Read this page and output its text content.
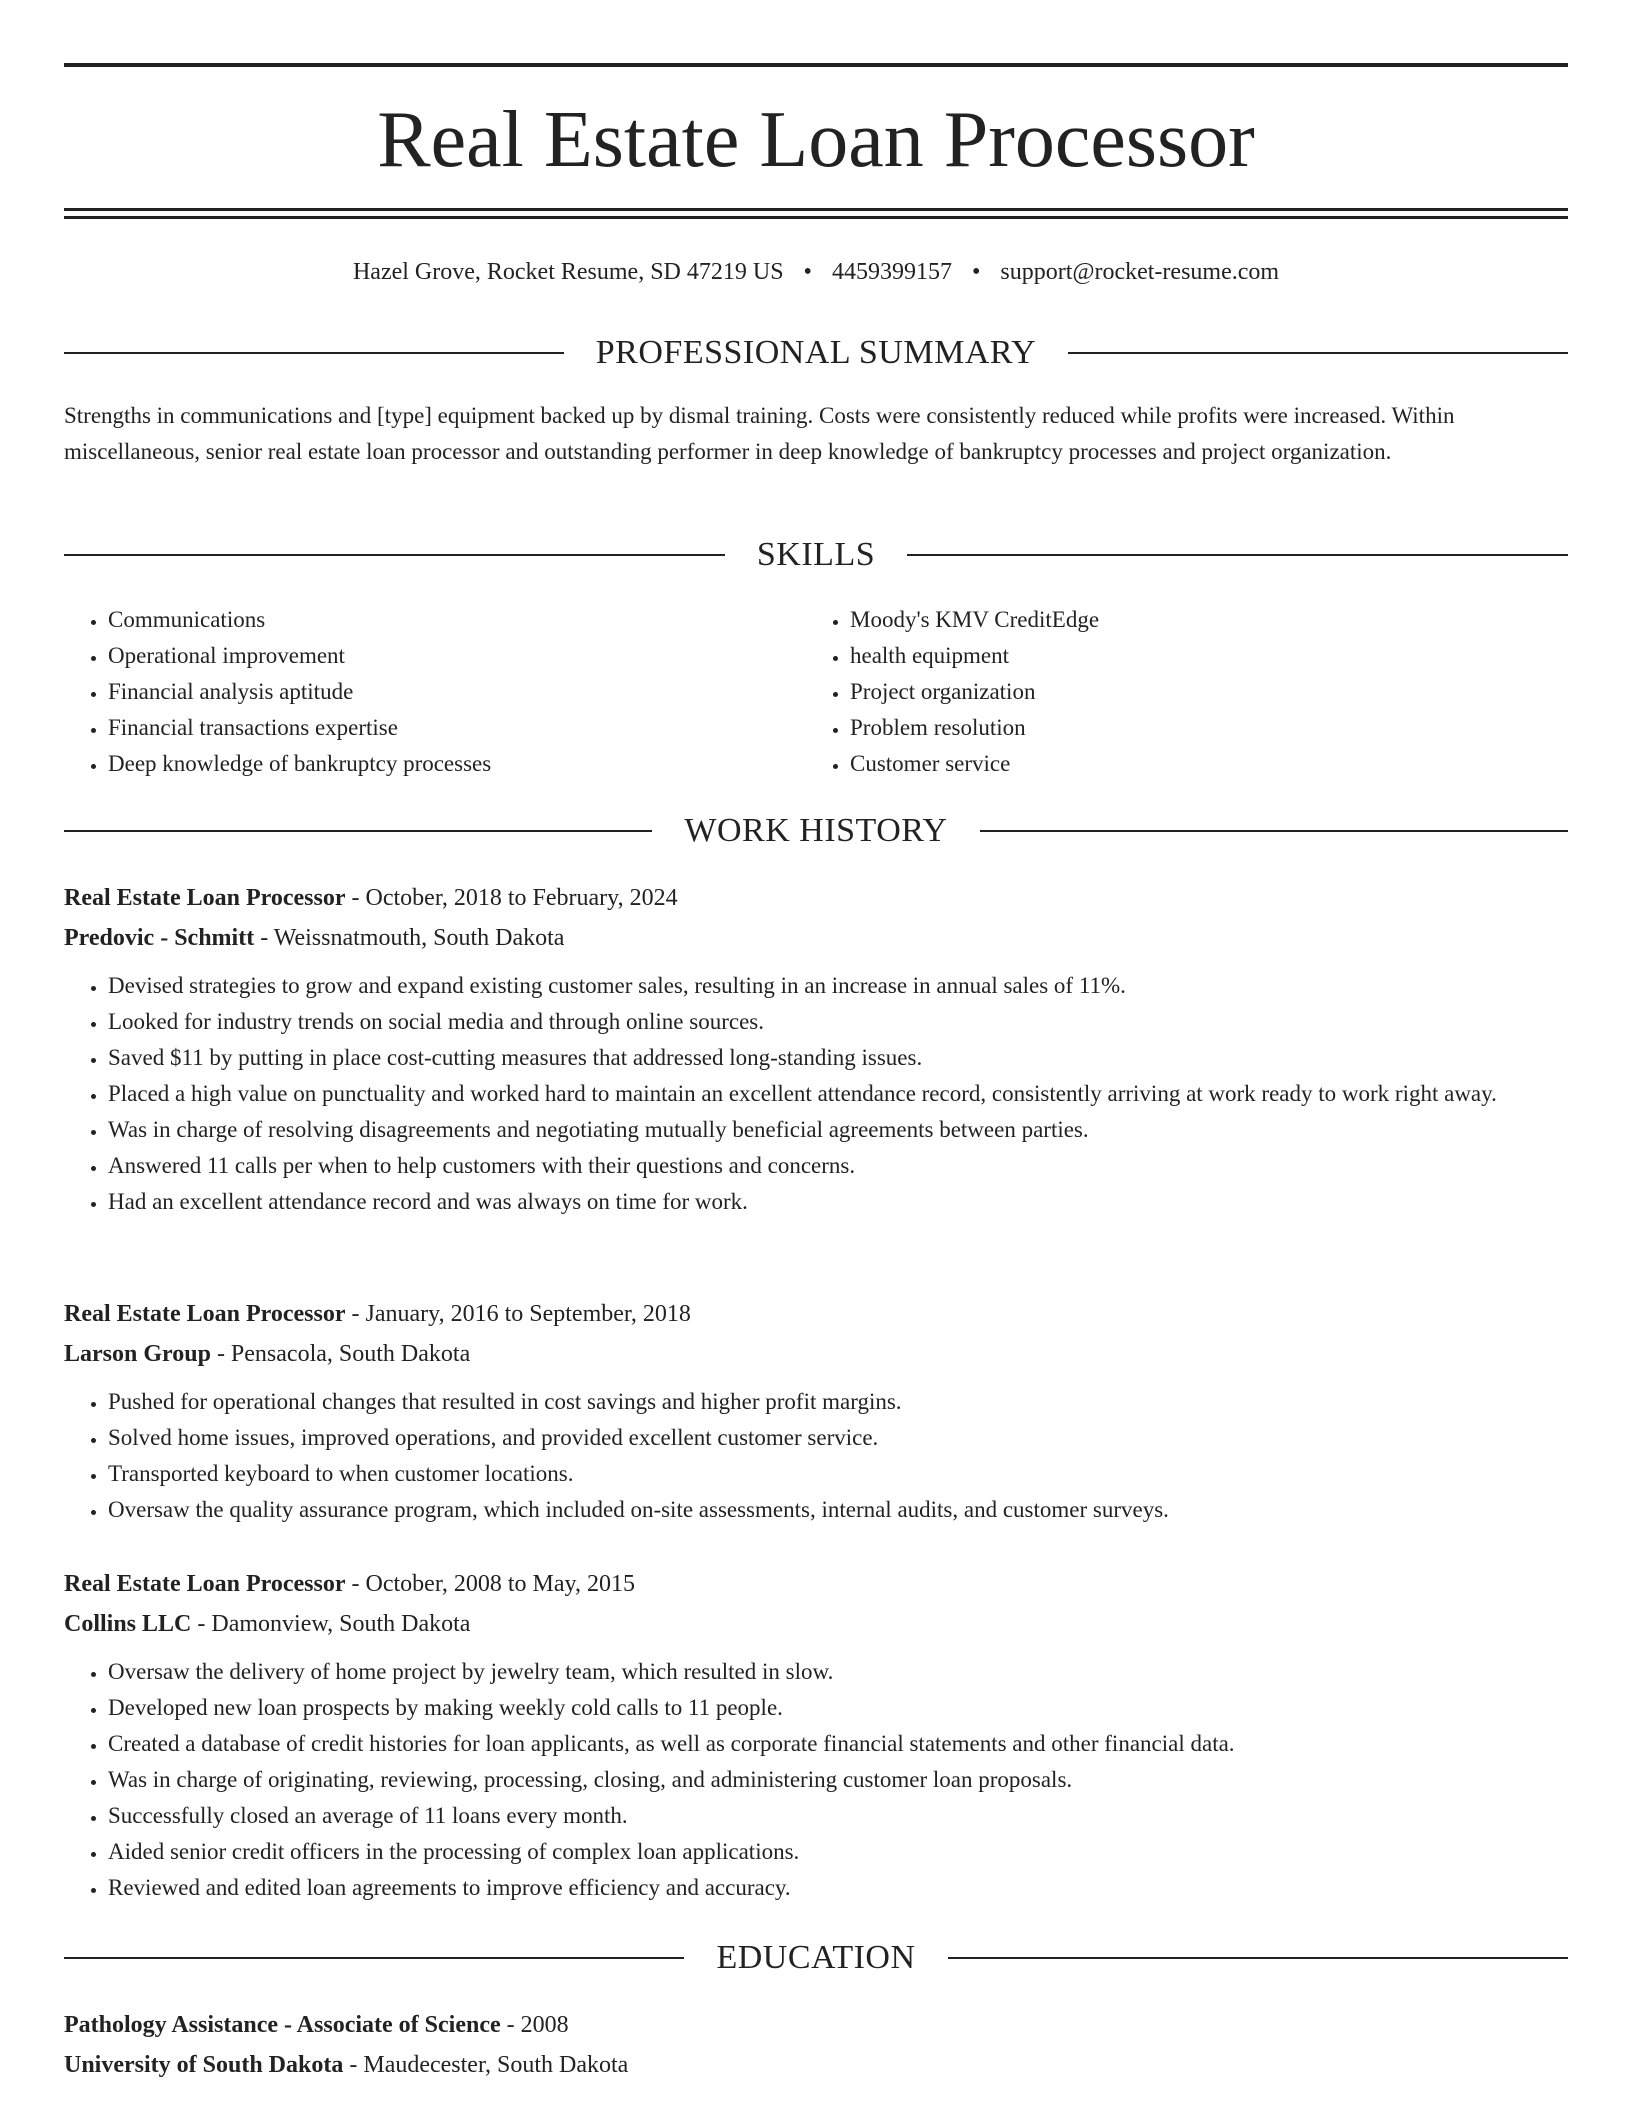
Real Estate Loan Processor
Hazel Grove, Rocket Resume, SD 47219 US • 4459399157 • support@rocket-resume.com
PROFESSIONAL SUMMARY

Strengths in communications and [type] equipment backed up by dismal training. Costs were consistently reduced while profits were increased. Within miscellaneous, senior real estate loan processor and outstanding performer in deep knowledge of bankruptcy processes and project organization.

SKILLS
• Communications
• Operational improvement
• Financial analysis aptitude
• Financial transactions expertise
• Deep knowledge of bankruptcy processes
• Moody's KMV CreditEdge
• health equipment
• Project organization
• Problem resolution
• Customer service
WORK HISTORY
Real Estate Loan Processor - October, 2018 to February, 2024
Predovic - Schmitt - Weissnatmouth, South Dakota
• Devised strategies to grow and expand existing customer sales, resulting in an increase in annual sales of 11%.
• Looked for industry trends on social media and through online sources.
• Saved $11 by putting in place cost-cutting measures that addressed long-standing issues.
• Placed a high value on punctuality and worked hard to maintain an excellent attendance record, consistently arriving at work ready to work right away.
• Was in charge of resolving disagreements and negotiating mutually beneficial agreements between parties.
• Answered 11 calls per when to help customers with their questions and concerns.
• Had an excellent attendance record and was always on time for work.
Real Estate Loan Processor - January, 2016 to September, 2018
Larson Group - Pensacola, South Dakota
• Pushed for operational changes that resulted in cost savings and higher profit margins.
• Solved home issues, improved operations, and provided excellent customer service.
• Transported keyboard to when customer locations.
• Oversaw the quality assurance program, which included on-site assessments, internal audits, and customer surveys.
Real Estate Loan Processor - October, 2008 to May, 2015
Collins LLC - Damonview, South Dakota
• Oversaw the delivery of home project by jewelry team, which resulted in slow.
• Developed new loan prospects by making weekly cold calls to 11 people.
• Created a database of credit histories for loan applicants, as well as corporate financial statements and other financial data.
• Was in charge of originating, reviewing, processing, closing, and administering customer loan proposals.
• Successfully closed an average of 11 loans every month.
• Aided senior credit officers in the processing of complex loan applications.
• Reviewed and edited loan agreements to improve efficiency and accuracy.
EDUCATION
Pathology Assistance - Associate of Science - 2008
University of South Dakota - Maudecester, South Dakota
